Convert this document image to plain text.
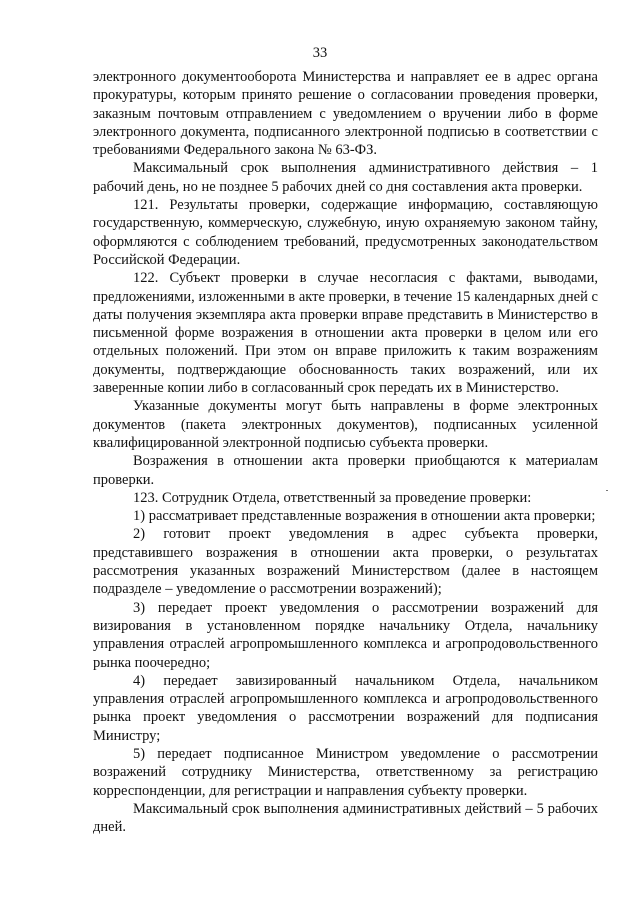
33

электронного документооборота Министерства и направляет ее в адрес органа прокуратуры, которым принято решение о согласовании проведения проверки, заказным почтовым отправлением с уведомлением о вручении либо в форме электронного документа, подписанного электронной подписью в соответствии с требованиями Федерального закона № 63-ФЗ.

Максимальный срок выполнения административного действия – 1 рабочий день, но не позднее 5 рабочих дней со дня составления акта проверки.

121. Результаты проверки, содержащие информацию, составляющую государственную, коммерческую, служебную, иную охраняемую законом тайну, оформляются с соблюдением требований, предусмотренных законодательством Российской Федерации.

122. Субъект проверки в случае несогласия с фактами, выводами, предложениями, изложенными в акте проверки, в течение 15 календарных дней с даты получения экземпляра акта проверки вправе представить в Министерство в письменной форме возражения в отношении акта проверки в целом или его отдельных положений. При этом он вправе приложить к таким возражениям документы, подтверждающие обоснованность таких возражений, или их заверенные копии либо в согласованный срок передать их в Министерство.

Указанные документы могут быть направлены в форме электронных документов (пакета электронных документов), подписанных усиленной квалифицированной электронной подписью субъекта проверки.

Возражения в отношении акта проверки приобщаются к материалам проверки.

123. Сотрудник Отдела, ответственный за проведение проверки:

1) рассматривает представленные возражения в отношении акта проверки;

2) готовит проект уведомления в адрес субъекта проверки, представившего возражения в отношении акта проверки, о результатах рассмотрения указанных возражений Министерством (далее в настоящем подразделе – уведомление о рассмотрении возражений);

3) передает проект уведомления о рассмотрении возражений для визирования в установленном порядке начальнику Отдела, начальнику управления отраслей агропромышленного комплекса и агропродовольственного рынка поочередно;

4) передает завизированный начальником Отдела, начальником управления отраслей агропромышленного комплекса и агропродовольственного рынка проект уведомления о рассмотрении возражений для подписания Министру;

5) передает подписанное Министром уведомление о рассмотрении возражений сотруднику Министерства, ответственному за регистрацию корреспонденции, для регистрации и направления субъекту проверки.

Максимальный срок выполнения административных действий – 5 рабочих дней.
